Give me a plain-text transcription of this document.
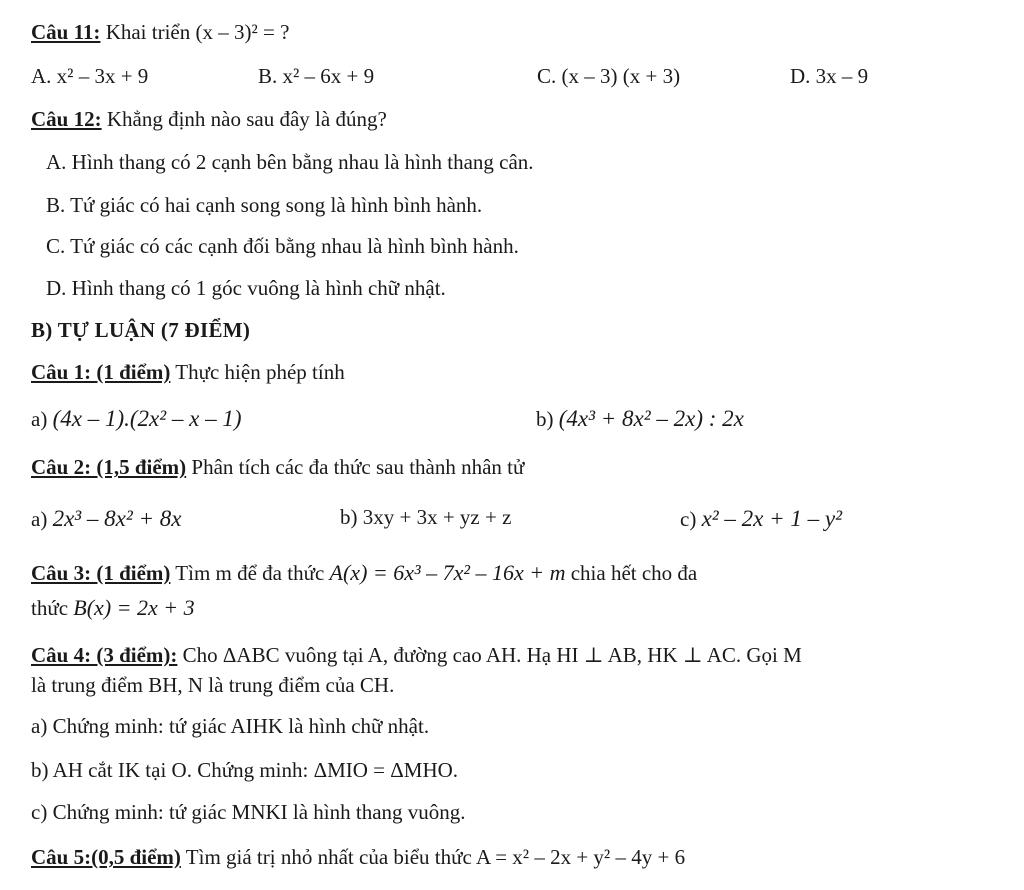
Câu 11: Khai triển (x – 3)² = ?
A. x² – 3x + 9	B. x² – 6x + 9	C. (x – 3) (x + 3)	D. 3x – 9
Câu 12: Khẳng định nào sau đây là đúng?
A. Hình thang có 2 cạnh bên bằng nhau là hình thang cân.
B. Tứ giác có hai cạnh song song là hình bình hành.
C. Tứ giác có các cạnh đối bằng nhau là hình bình hành.
D. Hình thang có 1 góc vuông là hình chữ nhật.
B) TỰ LUẬN (7 ĐIỂM)
Câu 1: (1 điểm) Thực hiện phép tính
a) (4x – 1).(2x² – x – 1)	b) (4x³ + 8x² – 2x) : 2x
Câu 2: (1,5 điểm) Phân tích các đa thức sau thành nhân tử
a) 2x³ – 8x² + 8x	b) 3xy + 3x + yz + z	c) x² – 2x + 1 – y²
Câu 3: (1 điểm) Tìm m để đa thức A(x) = 6x³ – 7x² – 16x + m chia hết cho đa
thức B(x) = 2x + 3
Câu 4: (3 điểm): Cho ΔABC vuông tại A, đường cao AH. Hạ HI ⊥ AB, HK ⊥ AC. Gọi M
là trung điểm BH, N là trung điểm của CH.
a) Chứng minh: tứ giác AIHK là hình chữ nhật.
b) AH cắt IK tại O. Chứng minh: ΔMIO = ΔMHO.
c) Chứng minh: tứ giác MNKI là hình thang vuông.
Câu 5:(0,5 điểm) Tìm giá trị nhỏ nhất của biểu thức A = x² – 2x + y² – 4y + 6
